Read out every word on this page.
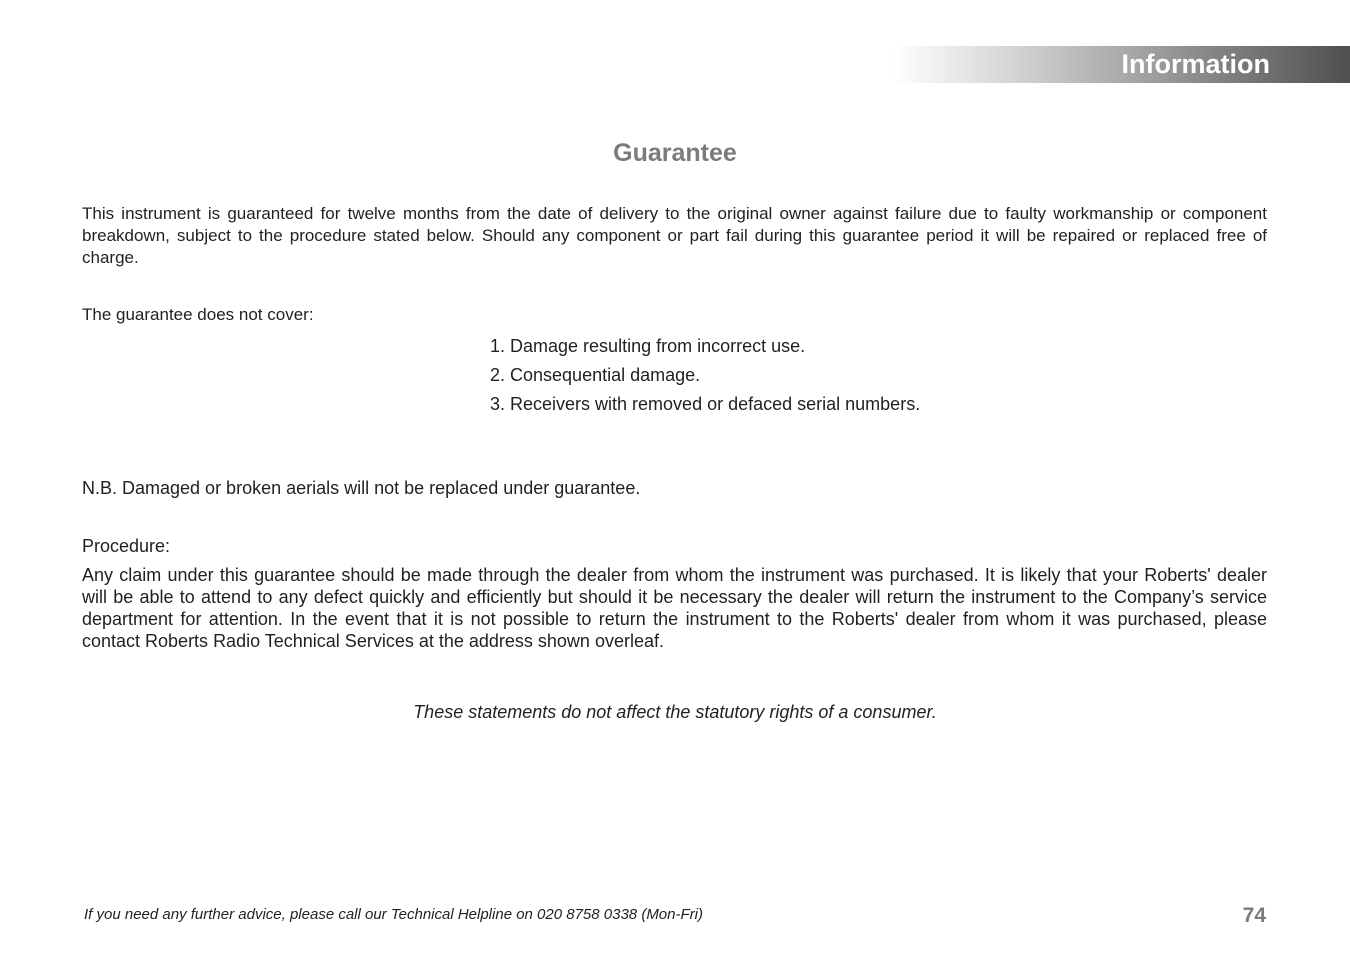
Information
Guarantee

This instrument is guaranteed for twelve months from the date of delivery to the original owner against failure due to faulty workmanship or component breakdown, subject to the procedure stated below. Should any component or part fail during this guarantee period it will be repaired or replaced free of charge.

The guarantee does not cover:

1. Damage resulting from incorrect use.
2. Consequential damage.
3. Receivers with removed or defaced serial numbers.

N.B. Damaged or broken aerials will not be replaced under guarantee.

Procedure:

Any claim under this guarantee should be made through the dealer from whom the instrument was purchased. It is likely that your Roberts' dealer will be able to attend to any defect quickly and efficiently but should it be necessary the dealer will return the instrument to the Company’s service department for attention. In the event that it is not possible to return the instrument to the Roberts' dealer from whom it was purchased, please contact Roberts Radio Technical Services at the address shown overleaf.

These statements do not affect the statutory rights of a consumer.
If you need any further advice, please call our Technical Helpline on 020 8758 0338 (Mon-Fri)	74
